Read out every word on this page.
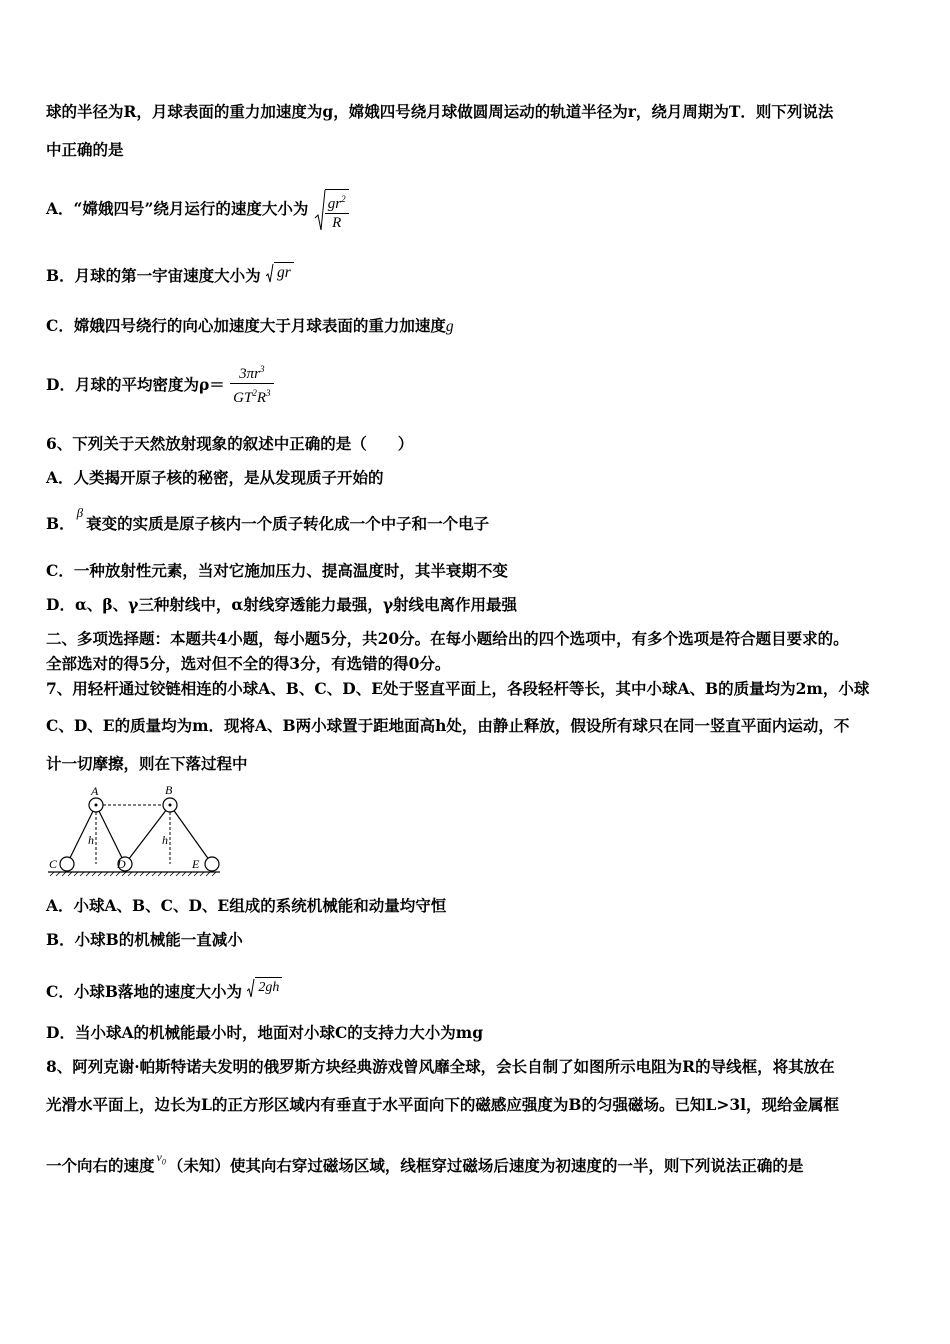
球的半径为R，月球表面的重力加速度为g，嫦娥四号绕月球做圆周运动的轨道半径为r，绕月周期为T．则下列说法
中正确的是
A．“嫦娥四号”绕月运行的速度大小为 $\frac{gr^2}{R}$
B．月球的第一宇宙速度大小为 gr
C．嫦娥四号绕行的向心加速度大于月球表面的重力加速度g
D．月球的平均密度为$\rho= \frac{3\pi r^3}{GT^2R^3}$
6、下列关于天然放射现象的叙述中正确的是（　　）
A．人类揭开原子核的秘密，是从发现质子开始的
B．$^\beta$衰变的实质是原子核内一个质子转化成一个中子和一个电子
C．一种放射性元素，当对它施加压力、提高温度时，其半衰期不变
D．α、β、γ三种射线中，α射线穿透能力最强，γ射线电离作用最强
二、多项选择题：本题共4小题，每小题5分，共20分。在每小题给出的四个选项中，有多个选项是符合题目要求的。
全部选对的得5分，选对但不全的得3分，有选错的得0分。
7、用轻杆通过铰链相连的小球A、B、C、D、E处于竖直平面上，各段轻杆等长，其中小球A、B的质量均为2m，小球
C、D、E的质量均为m．现将A、B两小球置于距地面高h处，由静止释放，假设所有球只在同一竖直平面内运动，不
计一切摩擦，则在下落过程中
A	B
C	D	E
h	h
A．小球A、B、C、D、E组成的系统机械能和动量均守恒
B．小球B的机械能一直减小
C．小球B落地的速度大小为 2gh
D．当小球A的机械能最小时，地面对小球C的支持力大小为mg
8、阿列克谢·帕斯特诺夫发明的俄罗斯方块经典游戏曾风靡全球，会长自制了如图所示电阻为R的导线框，将其放在
光滑水平面上，边长为L的正方形区域内有垂直于水平面向下的磁感应强度为B的匀强磁场。已知L>3l，现给金属框
一个向右的速度 $^{v_0}$ （未知）使其向右穿过磁场区域，线框穿过磁场后速度为初速度的一半，则下列说法正确的是
